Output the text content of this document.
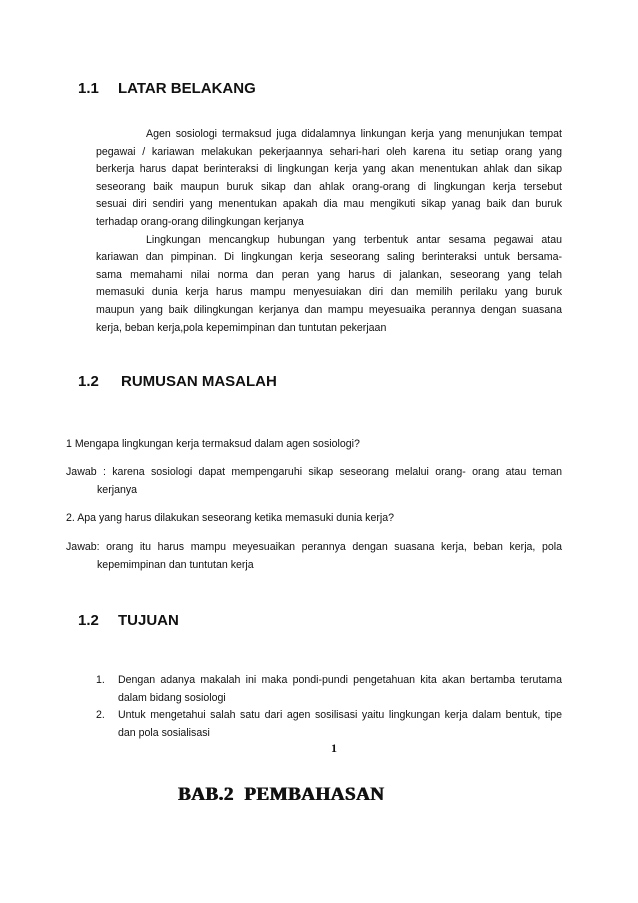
1.1 LATAR BELAKANG
Agen sosiologi termaksud juga didalamnya linkungan kerja yang menunjukan tempat
pegawai / kariawan melakukan pekerjaannya sehari-hari oleh karena itu setiap orang yang
berkerja harus dapat berinteraksi di lingkungan kerja yang akan menentukan ahlak dan sikap
seseorang baik maupun buruk sikap dan ahlak orang-orang di lingkungan kerja tersebut
sesuai diri sendiri yang menentukan apakah dia mau mengikuti sikap yanag baik dan buruk
terhadap orang-orang dilingkungan kerjanya
Lingkungan mencangkup hubungan yang terbentuk antar sesama pegawai atau
kariawan dan pimpinan. Di lingkungan kerja seseorang saling berinteraksi untuk bersama-
sama memahami nilai norma dan peran yang harus di jalankan, seseorang yang telah
memasuki dunia kerja harus mampu menyesuiakan diri dan memilih perilaku yang buruk
maupun yang baik dilingkungan kerjanya dan mampu meyesuaika perannya dengan suasana
kerja, beban kerja,pola kepemimpinan dan tuntutan pekerjaan
1.2 RUMUSAN MASALAH
1 Mengapa lingkungan kerja termaksud dalam agen sosiologi?
Jawab : karena sosiologi dapat mempengaruhi sikap seseorang melalui orang- orang atau teman
kerjanya
2. Apa yang harus dilakukan seseorang ketika memasuki dunia kerja?
Jawab: orang itu harus mampu meyesuaikan perannya dengan suasana kerja, beban kerja, pola
kepemimpinan dan tuntutan kerja
1.2 TUJUAN
1. Dengan adanya makalah ini maka pondi-pundi pengetahuan kita akan bertamba terutama
dalam bidang sosiologi
2. Untuk mengetahui salah satu dari agen sosilisasi yaitu lingkungan kerja dalam bentuk, tipe
dan pola sosialisasi
1
BAB.2  PEMBAHASAN
